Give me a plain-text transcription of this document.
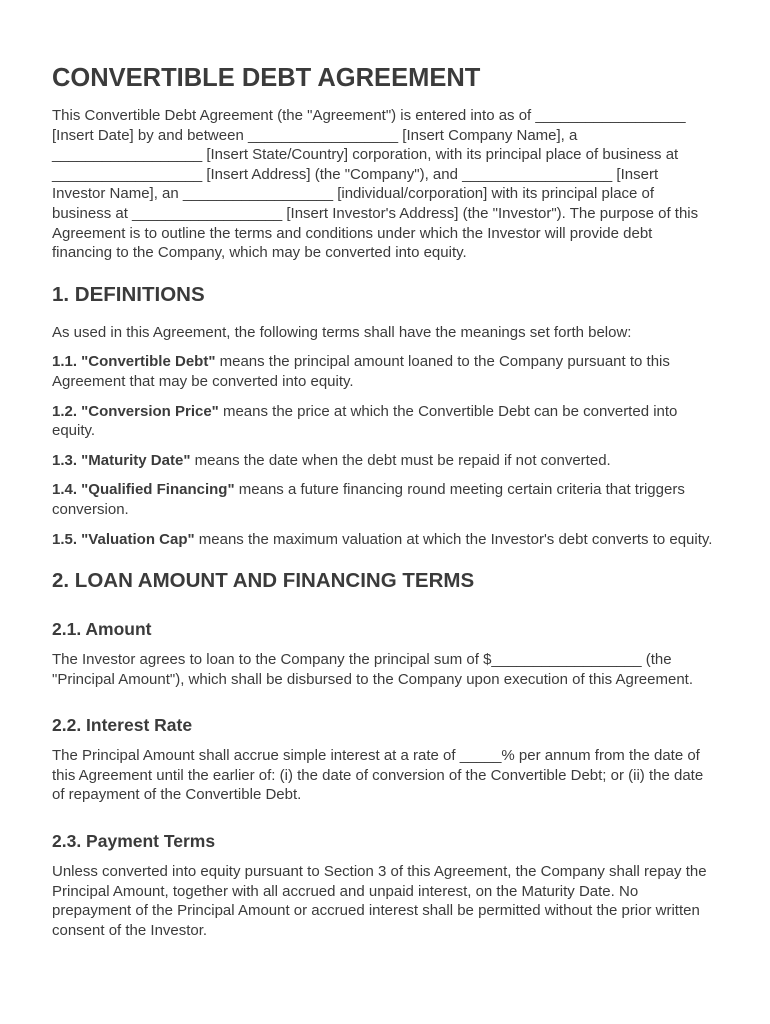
CONVERTIBLE DEBT AGREEMENT

This Convertible Debt Agreement (the "Agreement") is entered into as of __________________ [Insert Date] by and between __________________ [Insert Company Name], a __________________ [Insert State/Country] corporation, with its principal place of business at __________________ [Insert Address] (the "Company"), and __________________ [Insert Investor Name], an __________________ [individual/corporation] with its principal place of business at __________________ [Insert Investor's Address] (the "Investor"). The purpose of this Agreement is to outline the terms and conditions under which the Investor will provide debt financing to the Company, which may be converted into equity.

1. DEFINITIONS

As used in this Agreement, the following terms shall have the meanings set forth below:

1.1. "Convertible Debt" means the principal amount loaned to the Company pursuant to this Agreement that may be converted into equity.

1.2. "Conversion Price" means the price at which the Convertible Debt can be converted into equity.

1.3. "Maturity Date" means the date when the debt must be repaid if not converted.

1.4. "Qualified Financing" means a future financing round meeting certain criteria that triggers conversion.

1.5. "Valuation Cap" means the maximum valuation at which the Investor's debt converts to equity.

2. LOAN AMOUNT AND FINANCING TERMS
2.1. Amount

The Investor agrees to loan to the Company the principal sum of $__________________ (the "Principal Amount"), which shall be disbursed to the Company upon execution of this Agreement.

2.2. Interest Rate

The Principal Amount shall accrue simple interest at a rate of _____% per annum from the date of this Agreement until the earlier of: (i) the date of conversion of the Convertible Debt; or (ii) the date of repayment of the Convertible Debt.

2.3. Payment Terms

Unless converted into equity pursuant to Section 3 of this Agreement, the Company shall repay the Principal Amount, together with all accrued and unpaid interest, on the Maturity Date. No prepayment of the Principal Amount or accrued interest shall be permitted without the prior written consent of the Investor.
